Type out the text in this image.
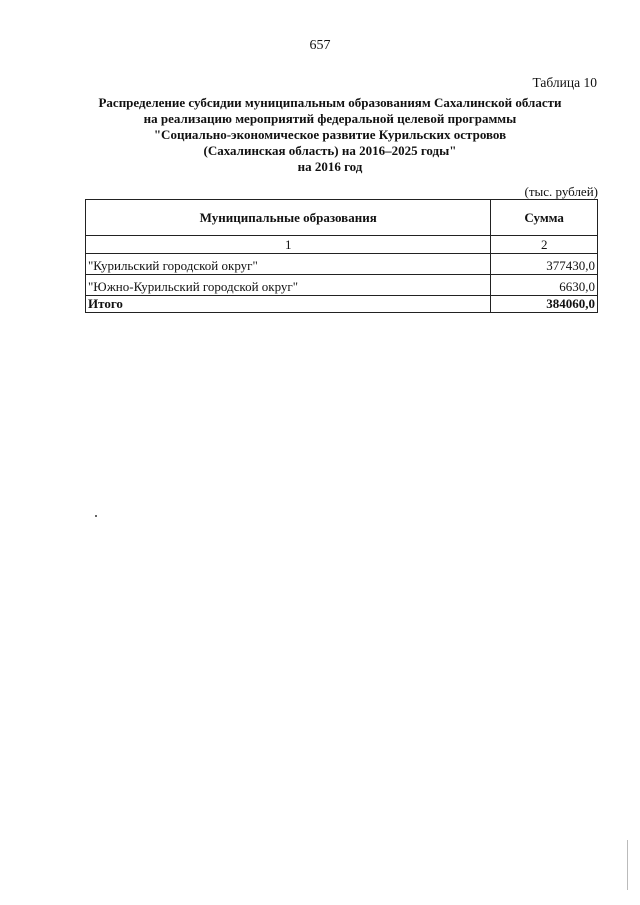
657
Таблица 10
Распределение субсидии муниципальным образованиям Сахалинской области
на реализацию мероприятий федеральной целевой программы
"Социально-экономическое развитие Курильских островов
(Сахалинская область) на 2016–2025 годы"
на 2016 год
(тыс. рублей)
Муниципальные образования	Сумма
1	2
"Курильский городской округ"	377430,0
"Южно-Курильский городской округ"	6630,0
Итого	384060,0
